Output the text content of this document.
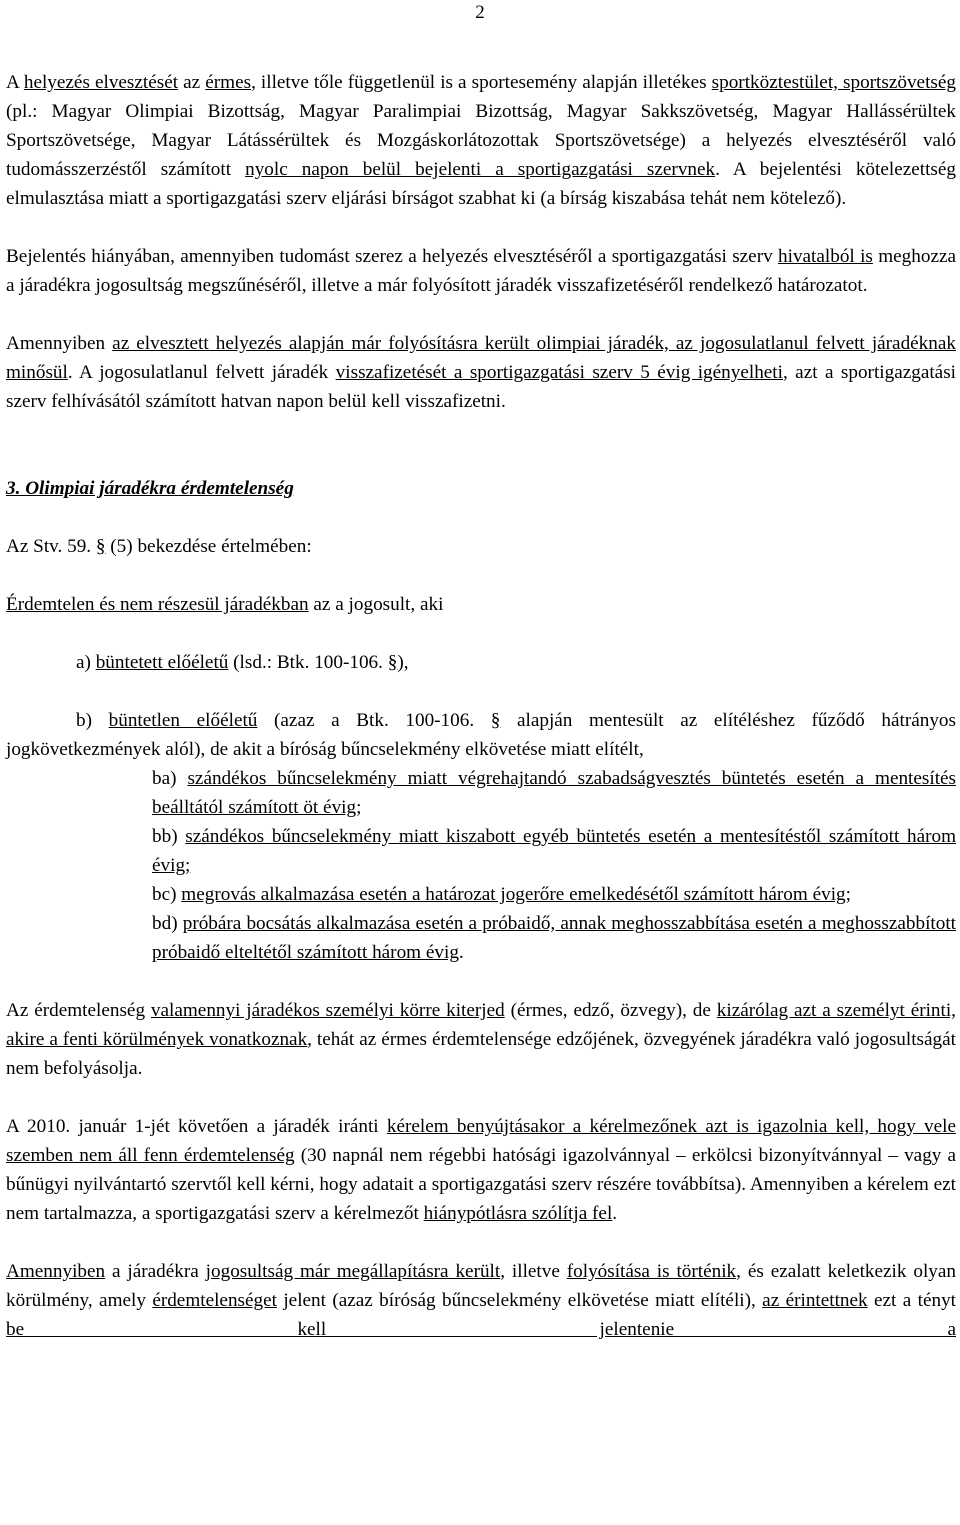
2

A helyezés elvesztését az érmes, illetve tőle függetlenül is a sportesemény alapján illetékes sportköztestület, sportszövetség (pl.: Magyar Olimpiai Bizottság, Magyar Paralimpiai Bizottság, Magyar Sakkszövetség, Magyar Hallássérültek Sportszövetsége, Magyar Látássérültek és Mozgáskorlátozottak Sportszövetsége) a helyezés elvesztéséről való tudomásszerzéstől számított nyolc napon belül bejelenti a sportigazgatási szervnek. A bejelentési kötelezettség elmulasztása miatt a sportigazgatási szerv eljárási bírságot szabhat ki (a bírság kiszabása tehát nem kötelező).

Bejelentés hiányában, amennyiben tudomást szerez a helyezés elvesztéséről a sportigazgatási szerv hivatalból is meghozza a járadékra jogosultság megszűnéséről, illetve a már folyósított járadék visszafizetéséről rendelkező határozatot.

Amennyiben az elvesztett helyezés alapján már folyósításra került olimpiai járadék, az jogosulatlanul felvett járadéknak minősül. A jogosulatlanul felvett járadék visszafizetését a sportigazgatási szerv 5 évig igényelheti, azt a sportigazgatási szerv felhívásától számított hatvan napon belül kell visszafizetni.

3. Olimpiai járadékra érdemtelenség

Az Stv. 59. § (5) bekezdése értelmében:

Érdemtelen és nem részesül járadékban az a jogosult, aki

a) büntetett előéletű (lsd.: Btk. 100-106. §),

b) büntetlen előéletű (azaz a Btk. 100-106. § alapján mentesült az elítéléshez fűződő hátrányos jogkövetkezmények alól), de akit a bíróság bűncselekmény elkövetése miatt elítélt,

ba) szándékos bűncselekmény miatt végrehajtandó szabadságvesztés büntetés esetén a mentesítés beálltától számított öt évig;

bb) szándékos bűncselekmény miatt kiszabott egyéb büntetés esetén a mentesítéstől számított három évig;

bc) megrovás alkalmazása esetén a határozat jogerőre emelkedésétől számított három évig;

bd) próbára bocsátás alkalmazása esetén a próbaidő, annak meghosszabbítása esetén a meghosszabbított próbaidő elteltétől számított három évig.

Az érdemtelenség valamennyi járadékos személyi körre kiterjed (érmes, edző, özvegy), de kizárólag azt a személyt érinti, akire a fenti körülmények vonatkoznak, tehát az érmes érdemtelensége edzőjének, özvegyének járadékra való jogosultságát nem befolyásolja.

A 2010. január 1-jét követően a járadék iránti kérelem benyújtásakor a kérelmezőnek azt is igazolnia kell, hogy vele szemben nem áll fenn érdemtelenség (30 napnál nem régebbi hatósági igazolvánnyal – erkölcsi bizonyítvánnyal – vagy a bűnügyi nyilvántartó szervtől kell kérni, hogy adatait a sportigazgatási szerv részére továbbítsa). Amennyiben a kérelem ezt nem tartalmazza, a sportigazgatási szerv a kérelmezőt hiánypótlásra szólítja fel.

Amennyiben a járadékra jogosultság már megállapításra került, illetve folyósítása is történik, és ezalatt keletkezik olyan körülmény, amely érdemtelenséget jelent (azaz bíróság bűncselekmény elkövetése miatt elítéli), az érintettnek ezt a tényt be kell jelentenie a
